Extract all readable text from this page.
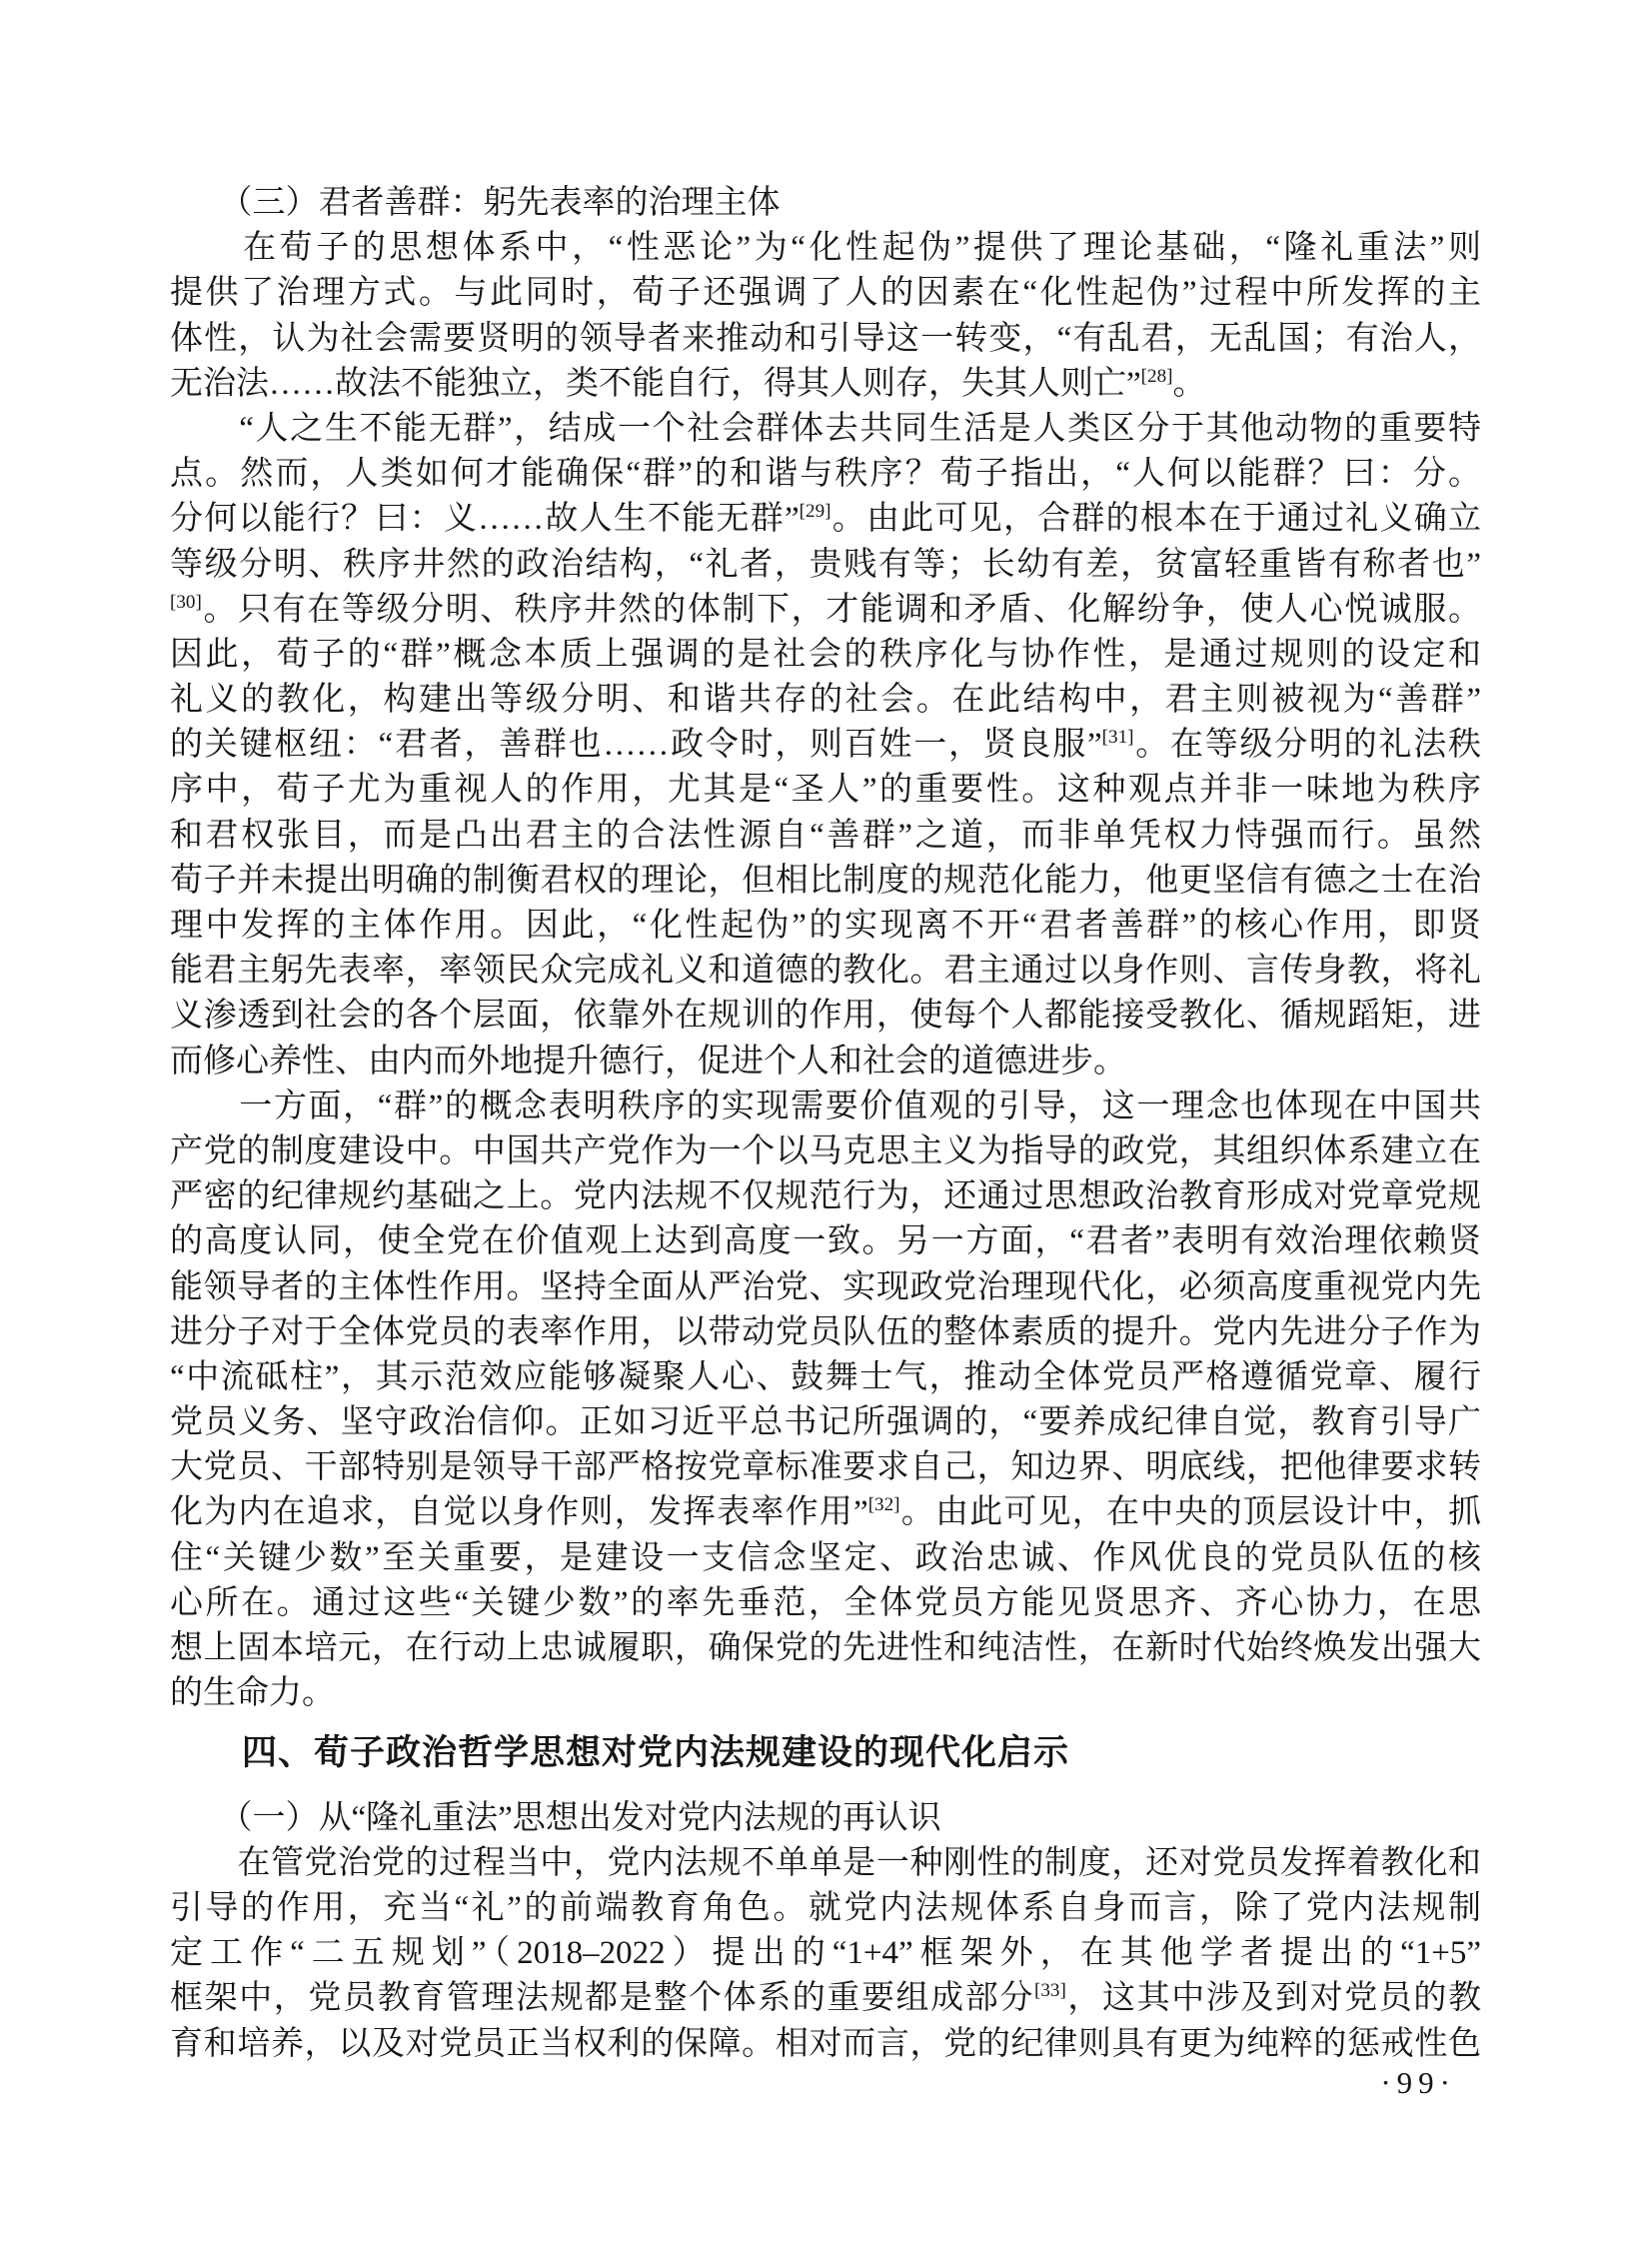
　　（三）君者善群：躬先表率的治理主体
　　在荀子的思想体系中，“性恶论”为“化性起伪”提供了理论基础，“隆礼重法”则
提供了治理方式。与此同时，荀子还强调了人的因素在“化性起伪”过程中所发挥的主
体性，认为社会需要贤明的领导者来推动和引导这一转变，“有乱君，无乱国；有治人，
无治法……故法不能独立，类不能自行，得其人则存，失其人则亡”[28]。
　　“人之生不能无群”，结成一个社会群体去共同生活是人类区分于其他动物的重要特
点。然而，人类如何才能确保“群”的和谐与秩序？荀子指出，“人何以能群？曰：分。
分何以能行？曰：义……故人生不能无群”[29]。由此可见，合群的根本在于通过礼义确立
等级分明、秩序井然的政治结构，“礼者，贵贱有等；长幼有差，贫富轻重皆有称者也”
[30]。只有在等级分明、秩序井然的体制下，才能调和矛盾、化解纷争，使人心悦诚服。
因此，荀子的“群”概念本质上强调的是社会的秩序化与协作性，是通过规则的设定和
礼义的教化，构建出等级分明、和谐共存的社会。在此结构中，君主则被视为“善群”
的关键枢纽：“君者，善群也……政令时，则百姓一，贤良服”[31]。在等级分明的礼法秩
序中，荀子尤为重视人的作用，尤其是“圣人”的重要性。这种观点并非一味地为秩序
和君权张目，而是凸出君主的合法性源自“善群”之道，而非单凭权力恃强而行。虽然
荀子并未提出明确的制衡君权的理论，但相比制度的规范化能力，他更坚信有德之士在治
理中发挥的主体作用。因此，“化性起伪”的实现离不开“君者善群”的核心作用，即贤
能君主躬先表率，率领民众完成礼义和道德的教化。君主通过以身作则、言传身教，将礼
义渗透到社会的各个层面，依靠外在规训的作用，使每个人都能接受教化、循规蹈矩，进
而修心养性、由内而外地提升德行，促进个人和社会的道德进步。
　　一方面，“群”的概念表明秩序的实现需要价值观的引导，这一理念也体现在中国共
产党的制度建设中。中国共产党作为一个以马克思主义为指导的政党，其组织体系建立在
严密的纪律规约基础之上。党内法规不仅规范行为，还通过思想政治教育形成对党章党规
的高度认同，使全党在价值观上达到高度一致。另一方面，“君者”表明有效治理依赖贤
能领导者的主体性作用。坚持全面从严治党、实现政党治理现代化，必须高度重视党内先
进分子对于全体党员的表率作用，以带动党员队伍的整体素质的提升。党内先进分子作为
“中流砥柱”，其示范效应能够凝聚人心、鼓舞士气，推动全体党员严格遵循党章、履行
党员义务、坚守政治信仰。正如习近平总书记所强调的，“要养成纪律自觉，教育引导广
大党员、干部特别是领导干部严格按党章标准要求自己，知边界、明底线，把他律要求转
化为内在追求，自觉以身作则，发挥表率作用”[32]。由此可见，在中央的顶层设计中，抓
住“关键少数”至关重要，是建设一支信念坚定、政治忠诚、作风优良的党员队伍的核
心所在。通过这些“关键少数”的率先垂范，全体党员方能见贤思齐、齐心协力，在思
想上固本培元，在行动上忠诚履职，确保党的先进性和纯洁性，在新时代始终焕发出强大
的生命力。
　　四、荀子政治哲学思想对党内法规建设的现代化启示
　　（一）从“隆礼重法”思想出发对党内法规的再认识
　　在管党治党的过程当中，党内法规不单单是一种刚性的制度，还对党员发挥着教化和
引导的作用，充当“礼”的前端教育角色。就党内法规体系自身而言，除了党内法规制
定工作“二五规划”（2018–2022）提出的“1+4”框架外，在其他学者提出的“1+5”
框架中，党员教育管理法规都是整个体系的重要组成部分[33]，这其中涉及到对党员的教
育和培养，以及对党员正当权利的保障。相对而言，党的纪律则具有更为纯粹的惩戒性色
·99·
